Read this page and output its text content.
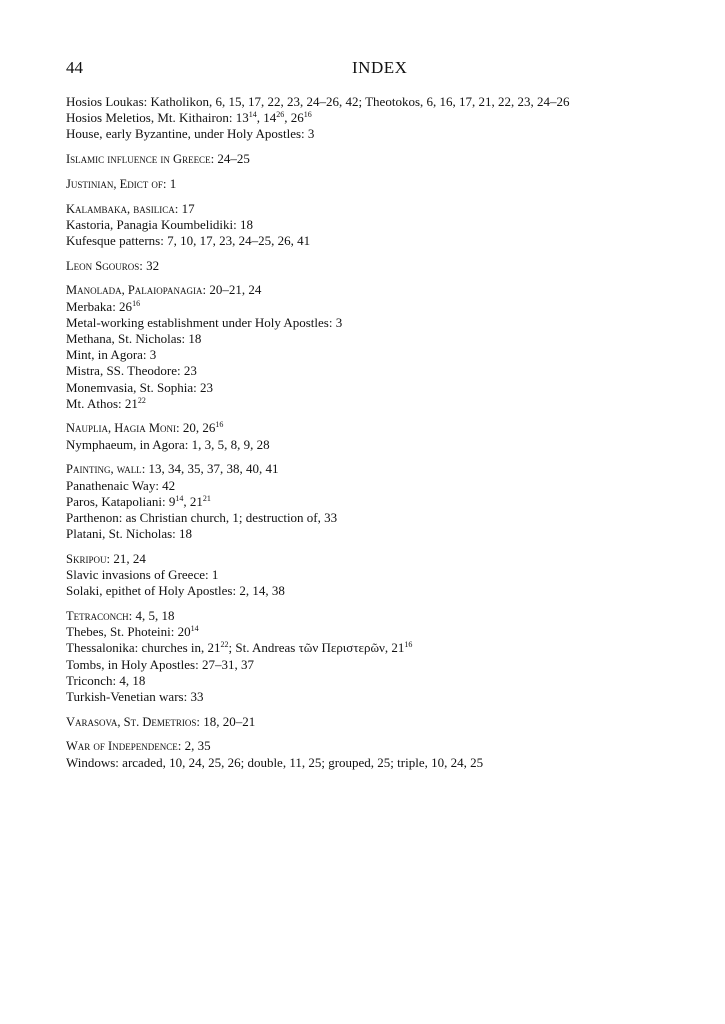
44	INDEX
Hosios Loukas: Katholikon, 6, 15, 17, 22, 23, 24–26, 42; Theotokos, 6, 16, 17, 21, 22, 23, 24–26
Hosios Meletios, Mt. Kithairon: $13^{14}$, $14^{26}$, $26^{16}$
House, early Byzantine, under Holy Apostles: 3
Islamic influence in Greece: 24–25
Justinian, Edict of: 1
Kalambaka, basilica: 17
Kastoria, Panagia Koumbelidiki: 18
Kufesque patterns: 7, 10, 17, 23, 24–25, 26, 41
Leon Sgouros: 32
Manolada, Palaiopanagia: 20–21, 24
Merbaka: $26^{16}$
Metal-working establishment under Holy Apostles: 3
Methana, St. Nicholas: 18
Mint, in Agora: 3
Mistra, SS. Theodore: 23
Monemvasia, St. Sophia: 23
Mt. Athos: $21^{22}$
Nauplia, Hagia Moni: 20, $26^{16}$
Nymphaeum, in Agora: 1, 3, 5, 8, 9, 28
Painting, wall: 13, 34, 35, 37, 38, 40, 41
Panathenaic Way: 42
Paros, Katapoliani: $9^{14}$, $21^{21}$
Parthenon: as Christian church, 1; destruction of, 33
Platani, St. Nicholas: 18
Skripou: 21, 24
Slavic invasions of Greece: 1
Solaki, epithet of Holy Apostles: 2, 14, 38
Tetraconch: 4, 5, 18
Thebes, St. Photeini: $20^{14}$
Thessalonika: churches in, $21^{22}$; St. Andreas τῶν Περιστερῶν, $21^{16}$
Tombs, in Holy Apostles: 27–31, 37
Triconch: 4, 18
Turkish-Venetian wars: 33
Varasova, St. Demetrios: 18, 20–21
War of Independence: 2, 35
Windows: arcaded, 10, 24, 25, 26; double, 11, 25; grouped, 25; triple, 10, 24, 25
